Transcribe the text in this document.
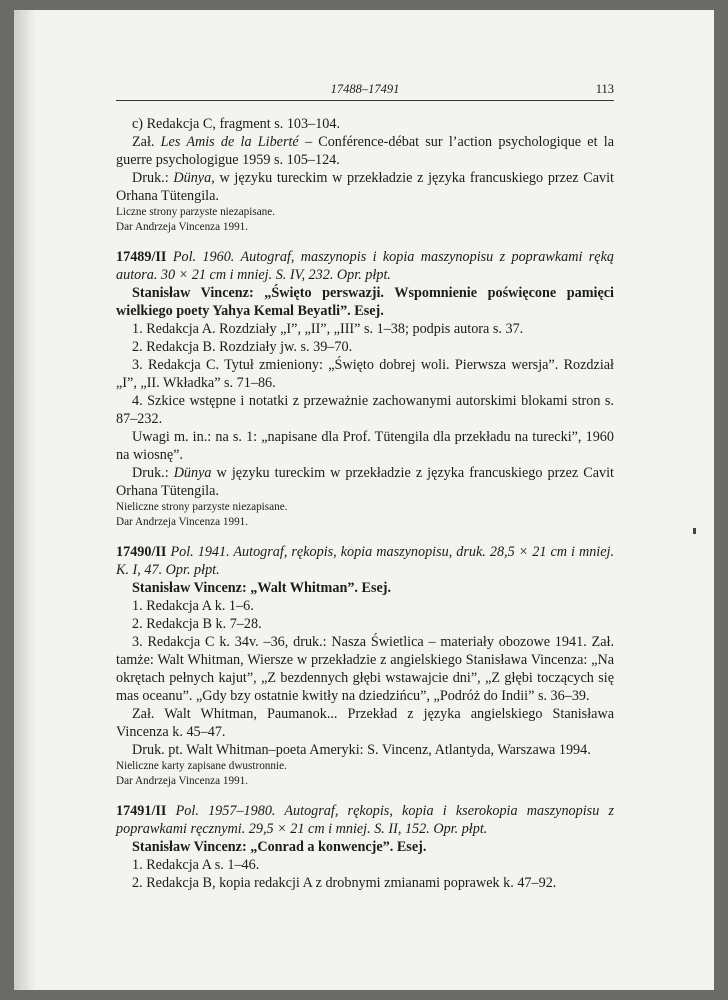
17488–17491	113

c) Redakcja C, fragment s. 103–104.

Zał. Les Amis de la Liberté – Conférence-débat sur l’action psychologique et la guerre psychologigue 1959 s. 105–124.

Druk.: Dünya, w języku tureckim w przekładzie z języka francuskiego przez Cavit Orhana Tütengila.

Liczne strony parzyste niezapisane.

Dar Andrzeja Vincenza 1991.

17489/II Pol. 1960. Autograf, maszynopis i kopia maszynopisu z poprawkami ręką autora. 30 × 21 cm i mniej. S. IV, 232. Opr. płpt.

Stanisław Vincenz: „Święto perswazji. Wspomnienie poświęcone pamięci wielkiego poety Yahya Kemal Beyatli”. Esej.

1. Redakcja A. Rozdziały „I”, „II”, „III” s. 1–38; podpis autora s. 37.

2. Redakcja B. Rozdziały jw. s. 39–70.

3. Redakcja C. Tytuł zmieniony: „Święto dobrej woli. Pierwsza wersja”. Rozdział „I”, „II. Wkładka” s. 71–86.

4. Szkice wstępne i notatki z przeważnie zachowanymi autorskimi blokami stron s. 87–232.

Uwagi m. in.: na s. 1: „napisane dla Prof. Tütengila dla przekładu na turecki”, 1960 na wiosnę”.

Druk.: Dünya w języku tureckim w przekładzie z języka francuskiego przez Cavit Orhana Tütengila.

Nieliczne strony parzyste niezapisane.

Dar Andrzeja Vincenza 1991.

17490/II Pol. 1941. Autograf, rękopis, kopia maszynopisu, druk. 28,5 × 21 cm i mniej. K. I, 47. Opr. płpt.

Stanisław Vincenz: „Walt Whitman”. Esej.

1. Redakcja A k. 1–6.

2. Redakcja B k. 7–28.

3. Redakcja C k. 34v. –36, druk.: Nasza Świetlica – materiały obozowe 1941. Zał. tamże: Walt Whitman, Wiersze w przekładzie z angielskiego Stanisława Vincenza: „Na okrętach pełnych kajut”, „Z bezdennych głębi wstawajcie dni”, „Z głębi toczących się mas oceanu”. „Gdy bzy ostatnie kwitły na dziedzińcu”, „Podróż do Indii” s. 36–39.

Zał. Walt Whitman, Paumanok... Przekład z języka angielskiego Stanisława Vincenza k. 45–47.

Druk. pt. Walt Whitman–poeta Ameryki: S. Vincenz, Atlantyda, Warszawa 1994.

Nieliczne karty zapisane dwustronnie.

Dar Andrzeja Vincenza 1991.

17491/II Pol. 1957–1980. Autograf, rękopis, kopia i kserokopia maszynopisu z poprawkami ręcznymi. 29,5 × 21 cm i mniej. S. II, 152. Opr. płpt.

Stanisław Vincenz: „Conrad a konwencje”. Esej.

1. Redakcja A s. 1–46.

2. Redakcja B, kopia redakcji A z drobnymi zmianami poprawek k. 47–92.
